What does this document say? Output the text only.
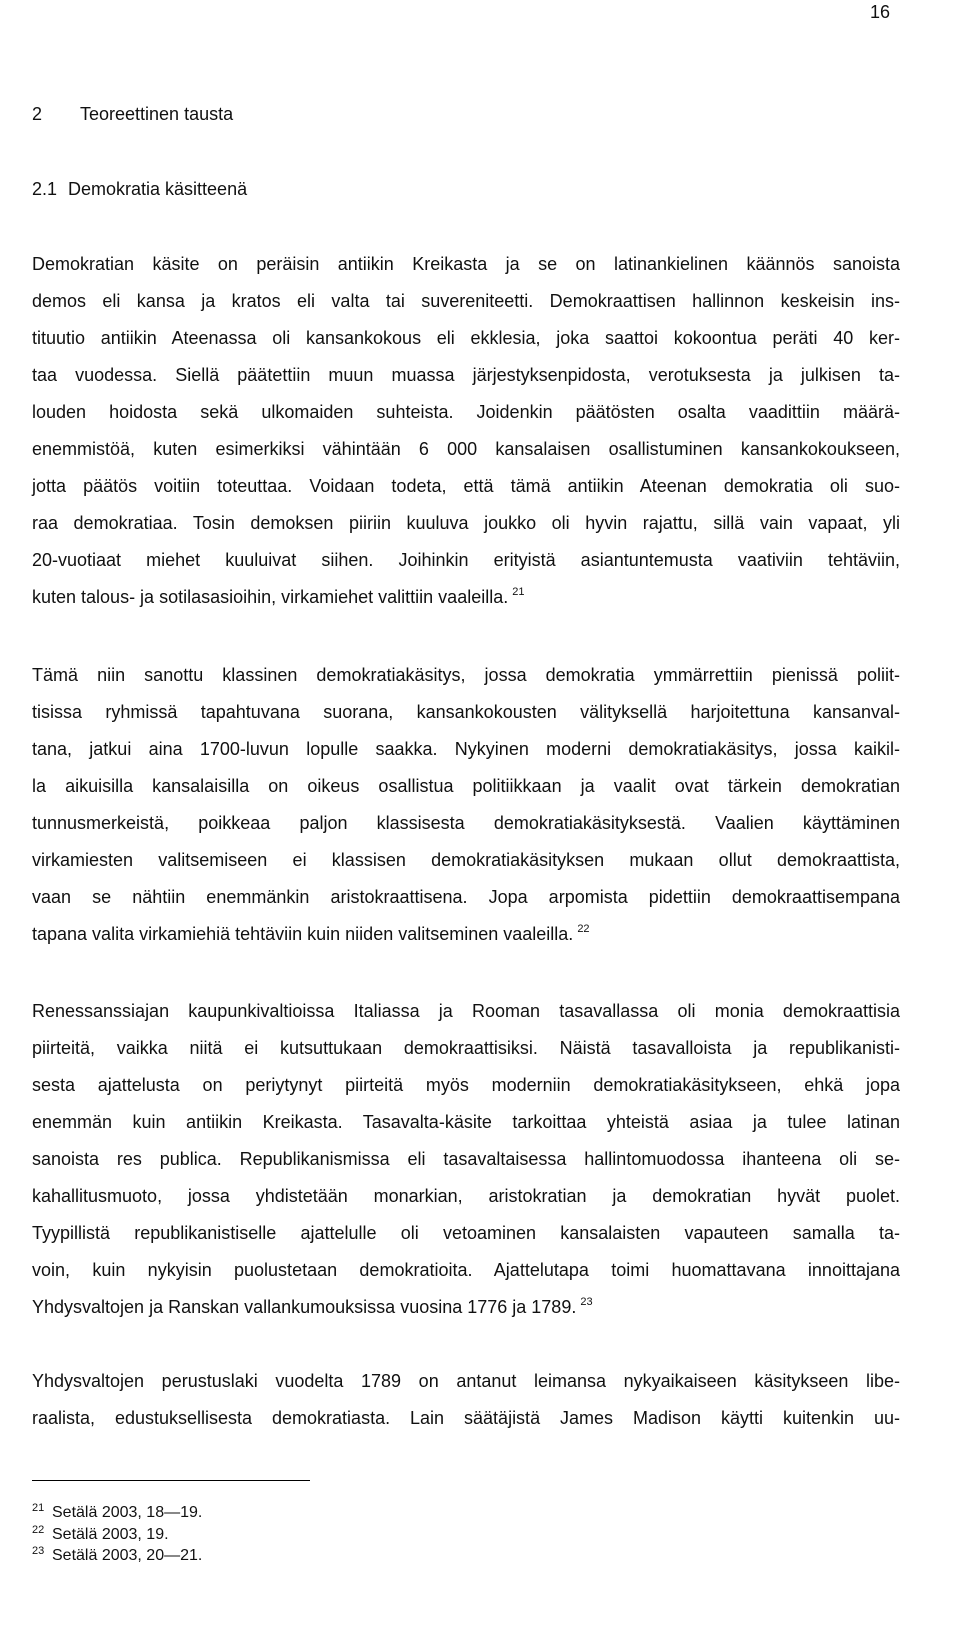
16
2 Teoreettinen tausta
2.1 Demokratia käsitteenä
Demokratian käsite on peräisin antiikin Kreikasta ja se on latinankielinen käännös sanoista
demos eli kansa ja kratos eli valta tai suvereniteetti. Demokraattisen hallinnon keskeisin ins-
tituutio antiikin Ateenassa oli kansankokous eli ekklesia, joka saattoi kokoontua peräti 40 ker-
taa vuodessa. Siellä päätettiin muun muassa järjestyksenpidosta, verotuksesta ja julkisen ta-
louden hoidosta sekä ulkomaiden suhteista. Joidenkin päätösten osalta vaadittiin määrä-
enemmistöä, kuten esimerkiksi vähintään 6 000 kansalaisen osallistuminen kansankokoukseen,
jotta päätös voitiin toteuttaa. Voidaan todeta, että tämä antiikin Ateenan demokratia oli suo-
raa demokratiaa. Tosin demoksen piiriin kuuluva joukko oli hyvin rajattu, sillä vain vapaat, yli
20-vuotiaat miehet kuuluivat siihen. Joihinkin erityistä asiantuntemusta vaativiin tehtäviin,
kuten talous- ja sotilasasioihin, virkamiehet valittiin vaaleilla. $^{21}$
Tämä niin sanottu klassinen demokratiakäsitys, jossa demokratia ymmärrettiin pienissä poliit-
tisissa ryhmissä tapahtuvana suorana, kansankokousten välityksellä harjoitettuna kansanval-
tana, jatkui aina 1700-luvun lopulle saakka. Nykyinen moderni demokratiakäsitys, jossa kaikil-
la aikuisilla kansalaisilla on oikeus osallistua politiikkaan ja vaalit ovat tärkein demokratian
tunnusmerkeistä, poikkeaa paljon klassisesta demokratiakäsityksestä. Vaalien käyttäminen
virkamiesten valitsemiseen ei klassisen demokratiakäsityksen mukaan ollut demokraattista,
vaan se nähtiin enemmänkin aristokraattisena. Jopa arpomista pidettiin demokraattisempana
tapana valita virkamiehiä tehtäviin kuin niiden valitseminen vaaleilla. $^{22}$
Renessanssiajan kaupunkivaltioissa Italiassa ja Rooman tasavallassa oli monia demokraattisia
piirteitä, vaikka niitä ei kutsuttukaan demokraattisiksi. Näistä tasavalloista ja republikanisti-
sesta ajattelusta on periytynyt piirteitä myös moderniin demokratiakäsitykseen, ehkä jopa
enemmän kuin antiikin Kreikasta. Tasavalta-käsite tarkoittaa yhteistä asiaa ja tulee latinan
sanoista res publica. Republikanismissa eli tasavaltaisessa hallintomuodossa ihanteena oli se-
kahallitusmuoto, jossa yhdistetään monarkian, aristokratian ja demokratian hyvät puolet.
Tyypillistä republikanistiselle ajattelulle oli vetoaminen kansalaisten vapauteen samalla ta-
voin, kuin nykyisin puolustetaan demokratioita. Ajattelutapa toimi huomattavana innoittajana
Yhdysvaltojen ja Ranskan vallankumouksissa vuosina 1776 ja 1789. $^{23}$
Yhdysvaltojen perustuslaki vuodelta 1789 on antanut leimansa nykyaikaiseen käsitykseen libe-
raalista, edustuksellisesta demokratiasta. Lain säätäjistä James Madison käytti kuitenkin uu-
$^{21}$ Setälä 2003, 18—19.
$^{22}$ Setälä 2003, 19.
$^{23}$ Setälä 2003, 20—21.
